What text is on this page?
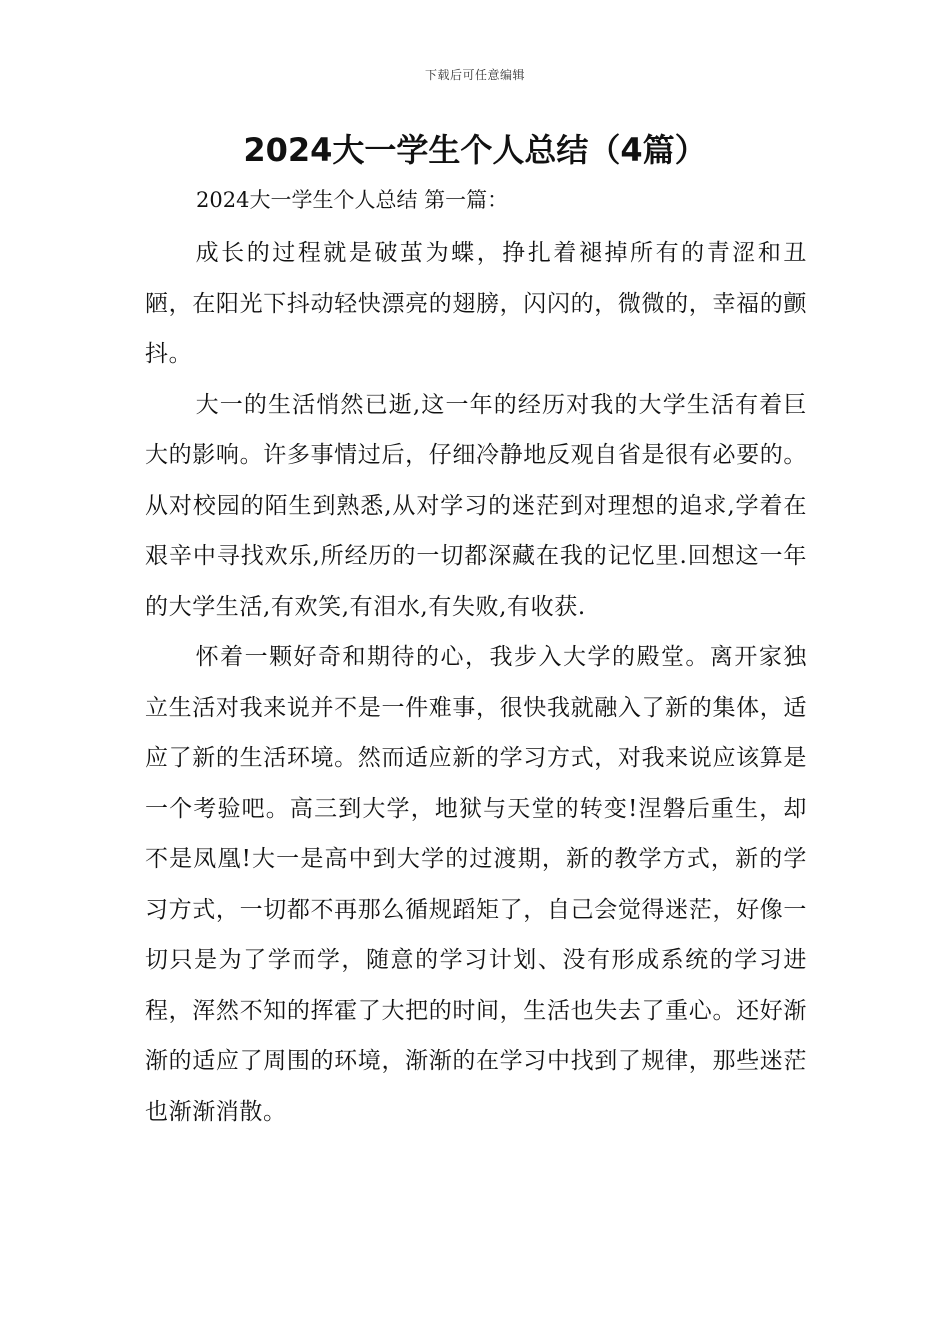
下载后可任意编辑
2024大一学生个人总结（4篇）
2024大一学生个人总结 第一篇：

成长的过程就是破茧为蝶，挣扎着褪掉所有的青涩和丑陋，在阳光下抖动轻快漂亮的翅膀，闪闪的，微微的，幸福的颤抖。

大一的生活悄然已逝,这一年的经历对我的大学生活有着巨大的影响。许多事情过后，仔细冷静地反观自省是很有必要的。从对校园的陌生到熟悉,从对学习的迷茫到对理想的追求,学着在艰辛中寻找欢乐,所经历的一切都深藏在我的记忆里.回想这一年的大学生活,有欢笑,有泪水,有失败,有收获.

怀着一颗好奇和期待的心，我步入大学的殿堂。离开家独立生活对我来说并不是一件难事，很快我就融入了新的集体，适应了新的生活环境。然而适应新的学习方式，对我来说应该算是一个考验吧。高三到大学，地狱与天堂的转变!涅磐后重生，却不是凤凰!大一是高中到大学的过渡期，新的教学方式，新的学习方式，一切都不再那么循规蹈矩了，自己会觉得迷茫，好像一切只是为了学而学，随意的学习计划、没有形成系统的学习进程，浑然不知的挥霍了大把的时间，生活也失去了重心。还好渐渐的适应了周围的环境，渐渐的在学习中找到了规律，那些迷茫也渐渐消散。
